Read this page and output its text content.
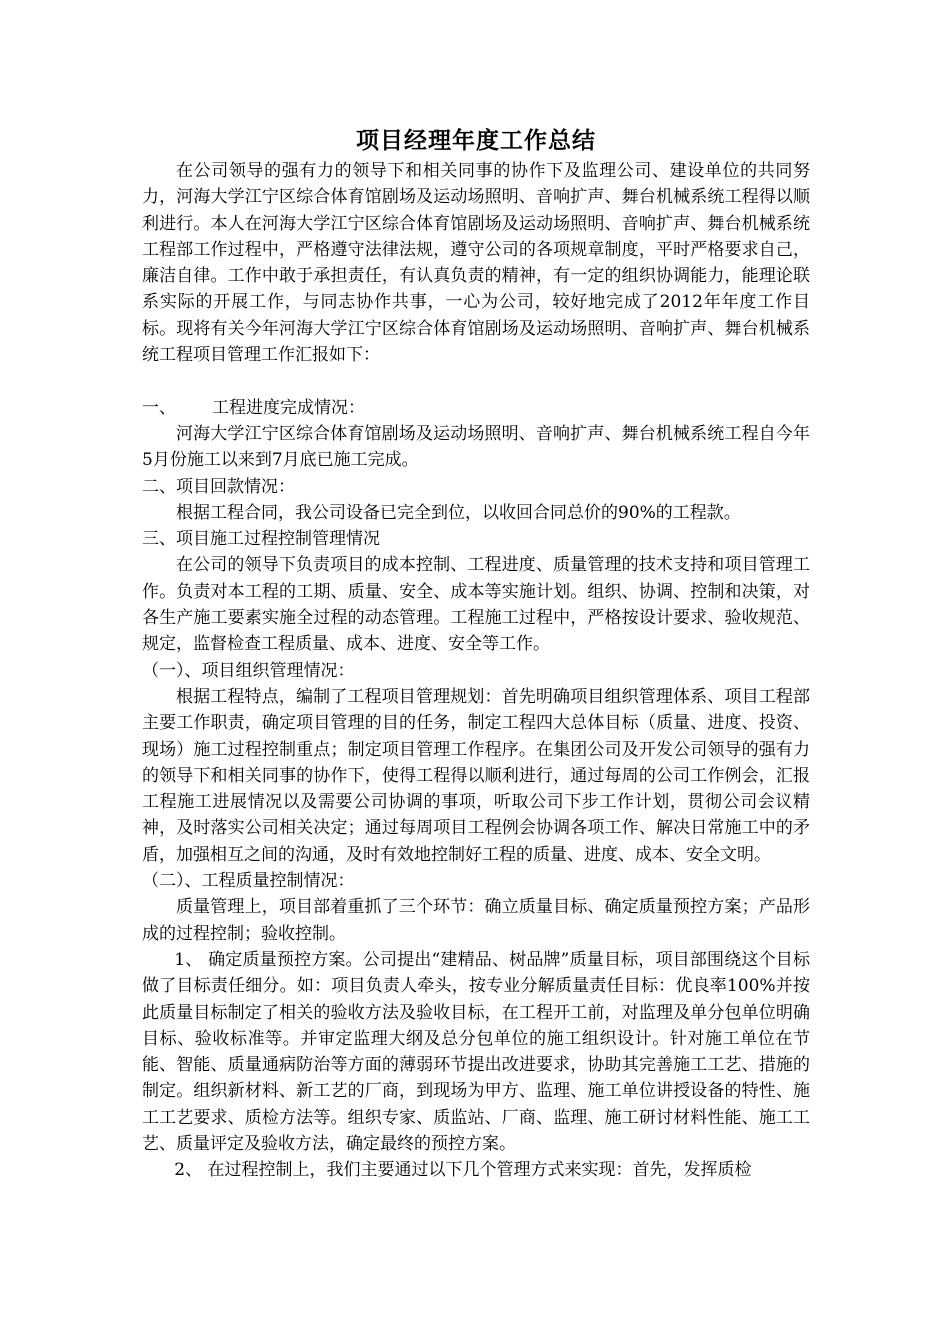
项目经理年度工作总结

在公司领导的强有力的领导下和相关同事的协作下及监理公司、建设单位的共同努力，河海大学江宁区综合体育馆剧场及运动场照明、音响扩声、舞台机械系统工程得以顺利进行。本人在河海大学江宁区综合体育馆剧场及运动场照明、音响扩声、舞台机械系统工程部工作过程中，严格遵守法律法规，遵守公司的各项规章制度，平时严格要求自己，廉洁自律。工作中敢于承担责任，有认真负责的精神，有一定的组织协调能力，能理论联系实际的开展工作，与同志协作共事，一心为公司，较好地完成了2012年年度工作目标。现将有关今年河海大学江宁区综合体育馆剧场及运动场照明、音响扩声、舞台机械系统工程项目管理工作汇报如下：

一、 工程进度完成情况：

河海大学江宁区综合体育馆剧场及运动场照明、音响扩声、舞台机械系统工程自今年5月份施工以来到7月底已施工完成。

二、项目回款情况：

根据工程合同，我公司设备已完全到位，以收回合同总价的90%的工程款。

三、项目施工过程控制管理情况

在公司的领导下负责项目的成本控制、工程进度、质量管理的技术支持和项目管理工作。负责对本工程的工期、质量、安全、成本等实施计划。组织、协调、控制和决策，对各生产施工要素实施全过程的动态管理。工程施工过程中，严格按设计要求、验收规范、规定，监督检查工程质量、成本、进度、安全等工作。

（一）、项目组织管理情况：

根据工程特点，编制了工程项目管理规划：首先明确项目组织管理体系、项目工程部主要工作职责，确定项目管理的目的任务，制定工程四大总体目标（质量、进度、投资、现场）施工过程控制重点；制定项目管理工作程序。在集团公司及开发公司领导的强有力的领导下和相关同事的协作下，使得工程得以顺利进行，通过每周的公司工作例会，汇报工程施工进展情况以及需要公司协调的事项，听取公司下步工作计划，贯彻公司会议精神，及时落实公司相关决定；通过每周项目工程例会协调各项工作、解决日常施工中的矛盾，加强相互之间的沟通，及时有效地控制好工程的质量、进度、成本、安全文明。

（二）、工程质量控制情况：

质量管理上，项目部着重抓了三个环节：确立质量目标、确定质量预控方案；产品形成的过程控制；验收控制。

1、 确定质量预控方案。公司提出“建精品、树品牌”质量目标，项目部围绕这个目标做了目标责任细分。如：项目负责人牵头，按专业分解质量责任目标：优良率100%并按此质量目标制定了相关的验收方法及验收目标，在工程开工前，对监理及单分包单位明确目标、验收标准等。并审定监理大纲及总分包单位的施工组织设计。针对施工单位在节能、智能、质量通病防治等方面的薄弱环节提出改进要求，协助其完善施工工艺、措施的制定。组织新材料、新工艺的厂商，到现场为甲方、监理、施工单位讲授设备的特性、施工工艺要求、质检方法等。组织专家、质监站、厂商、监理、施工研讨材料性能、施工工艺、质量评定及验收方法，确定最终的预控方案。

2、 在过程控制上，我们主要通过以下几个管理方式来实现：首先，发挥质检
